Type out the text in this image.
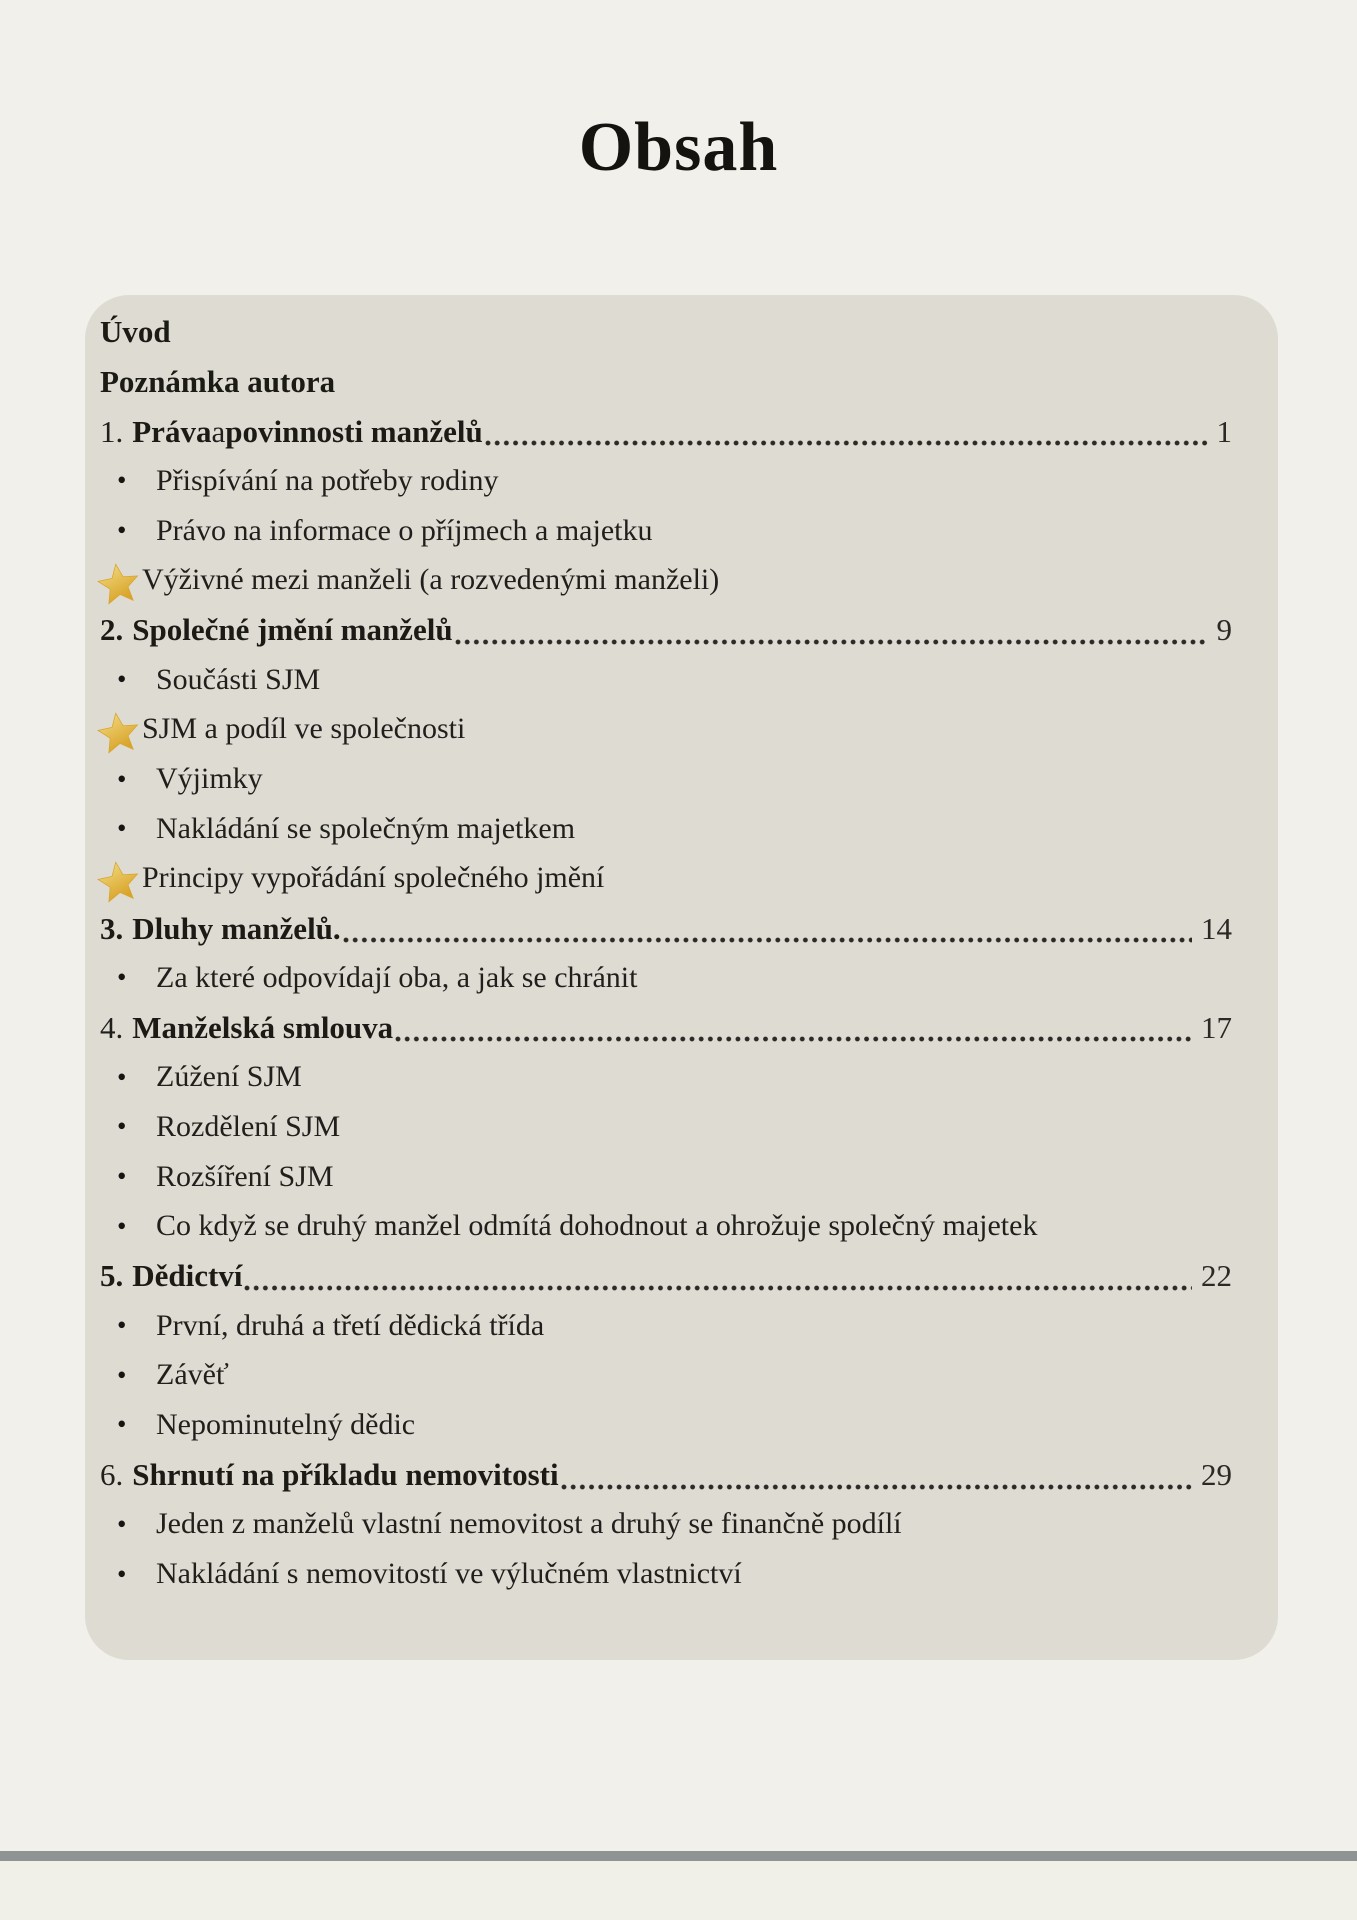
Obsah
Úvod
Poznámka autora
1. Práva a povinnosti manželů	1
• Přispívání na potřeby rodiny
• Právo na informace o příjmech a majetku
Výživné mezi manželi (a rozvedenými manželi)
2. Společné jmění manželů	9
• Součásti SJM
SJM a podíl ve společnosti
• Výjimky
• Nakládání se společným majetkem
Principy vypořádání společného jmění
3. Dluhy manželů.	14
• Za které odpovídají oba, a jak se chránit
4. Manželská smlouva	17
• Zúžení SJM
• Rozdělení SJM
• Rozšíření SJM
• Co když se druhý manžel odmítá dohodnout a ohrožuje společný majetek
5. Dědictví	22
• První, druhá a třetí dědická třída
• Závěť
• Nepominutelný dědic
6. Shrnutí na příkladu nemovitosti	29
• Jeden z manželů vlastní nemovitost a druhý se finančně podílí
• Nakládání s nemovitostí ve výlučném vlastnictví
